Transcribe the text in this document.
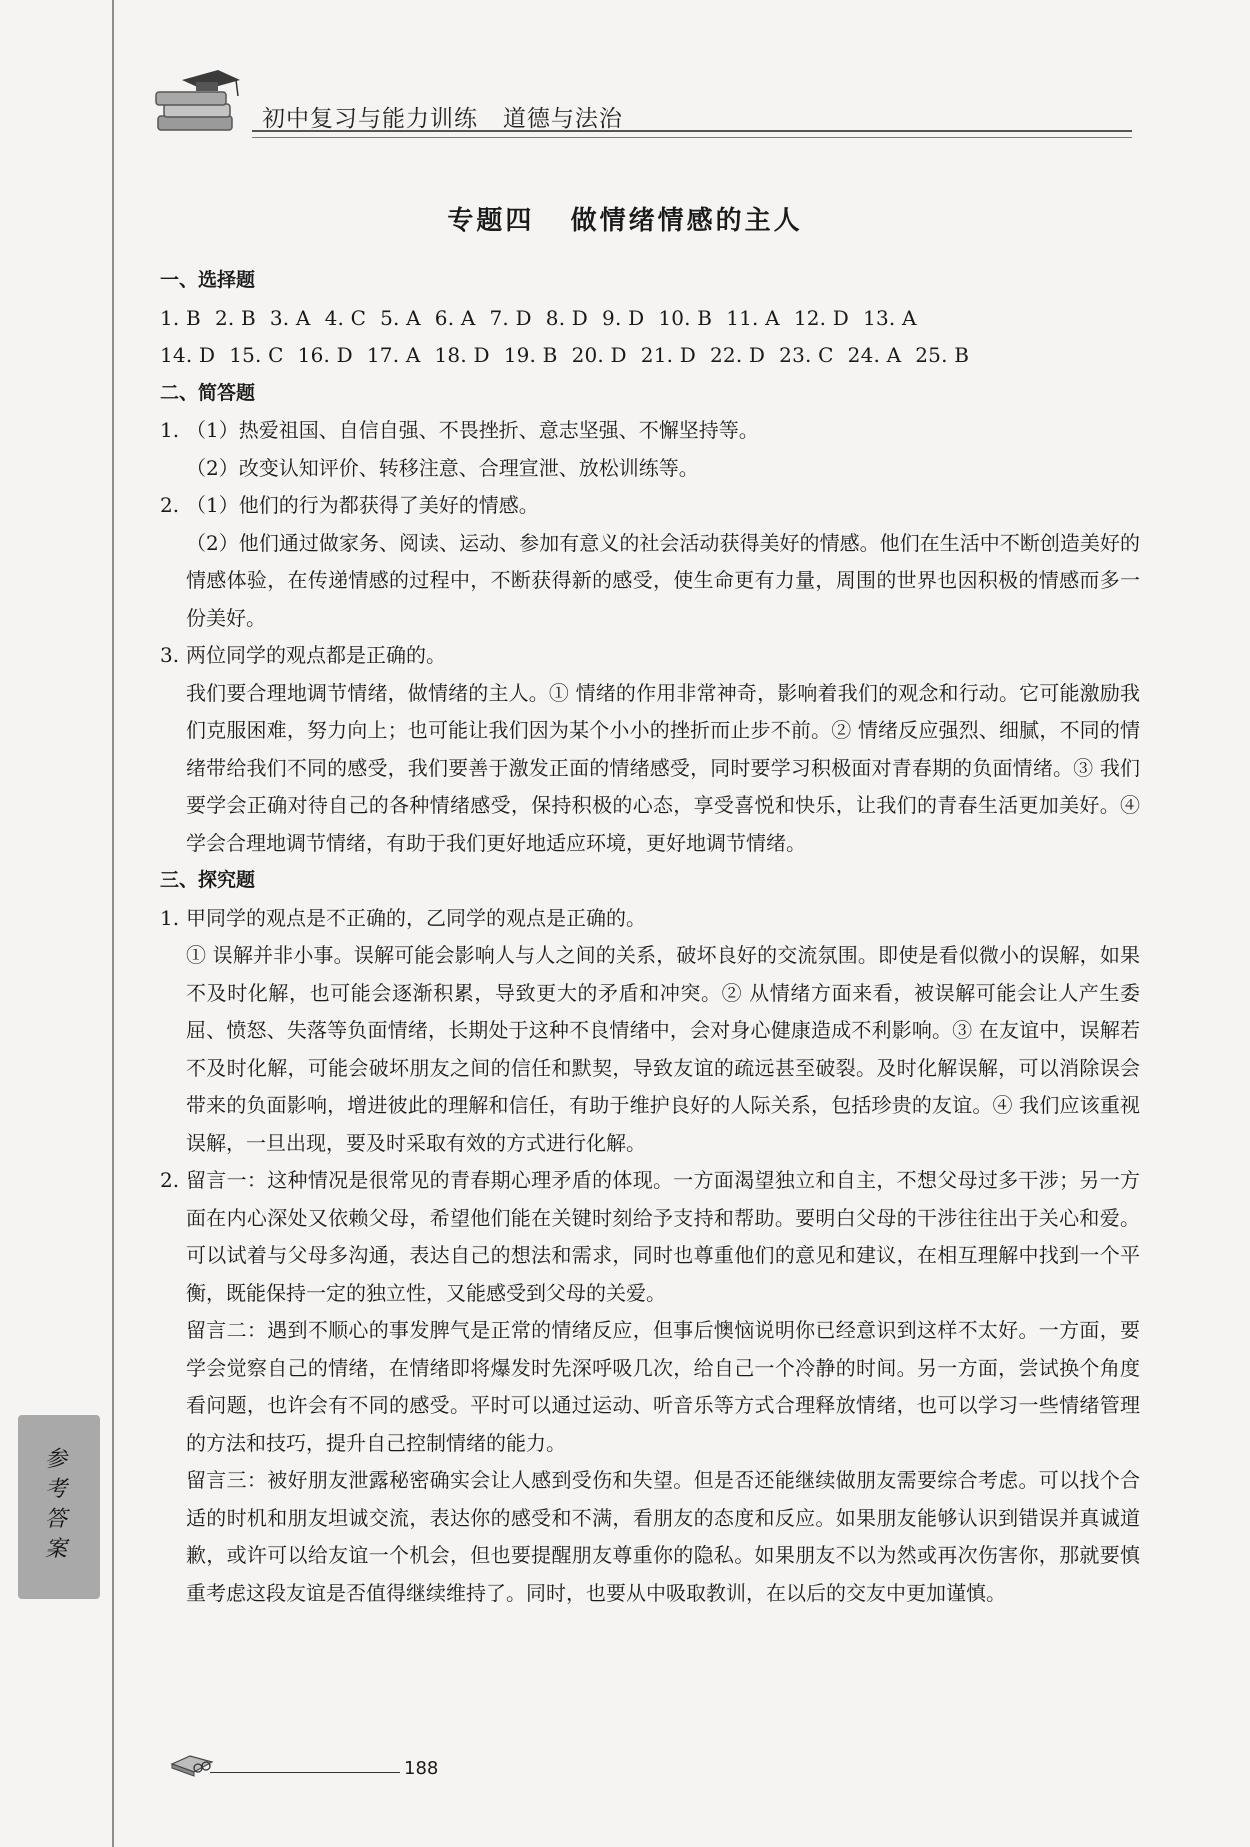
初中复习与能力训练   道德与法治
专题四   做情绪情感的主人
一、选择题
1. B 2. B 3. A 4. C 5. A 6. A 7. D 8. D 9. D 10. B 11. A 12. D 13. A
14. D 15. C 16. D 17. A 18. D 19. B 20. D 21. D 22. D 23. C 24. A 25. B
二、简答题
1. （1）热爱祖国、自信自强、不畏挫折、意志坚强、不懈坚持等。
（2）改变认知评价、转移注意、合理宣泄、放松训练等。
2. （1）他们的行为都获得了美好的情感。
（2）他们通过做家务、阅读、运动、参加有意义的社会活动获得美好的情感。他们在生活中不断创造美好的情感体验，在传递情感的过程中，不断获得新的感受，使生命更有力量，周围的世界也因积极的情感而多一份美好。
3. 两位同学的观点都是正确的。
我们要合理地调节情绪，做情绪的主人。① 情绪的作用非常神奇，影响着我们的观念和行动。它可能激励我们克服困难，努力向上；也可能让我们因为某个小小的挫折而止步不前。② 情绪反应强烈、细腻，不同的情绪带给我们不同的感受，我们要善于激发正面的情绪感受，同时要学习积极面对青春期的负面情绪。③ 我们要学会正确对待自己的各种情绪感受，保持积极的心态，享受喜悦和快乐，让我们的青春生活更加美好。④ 学会合理地调节情绪，有助于我们更好地适应环境，更好地调节情绪。
三、探究题
1. 甲同学的观点是不正确的，乙同学的观点是正确的。
① 误解并非小事。误解可能会影响人与人之间的关系，破坏良好的交流氛围。即使是看似微小的误解，如果不及时化解，也可能会逐渐积累，导致更大的矛盾和冲突。② 从情绪方面来看，被误解可能会让人产生委屈、愤怒、失落等负面情绪，长期处于这种不良情绪中，会对身心健康造成不利影响。③ 在友谊中，误解若不及时化解，可能会破坏朋友之间的信任和默契，导致友谊的疏远甚至破裂。及时化解误解，可以消除误会带来的负面影响，增进彼此的理解和信任，有助于维护良好的人际关系，包括珍贵的友谊。④ 我们应该重视误解，一旦出现，要及时采取有效的方式进行化解。
2. 留言一：这种情况是很常见的青春期心理矛盾的体现。一方面渴望独立和自主，不想父母过多干涉；另一方面在内心深处又依赖父母，希望他们能在关键时刻给予支持和帮助。要明白父母的干涉往往出于关心和爱。可以试着与父母多沟通，表达自己的想法和需求，同时也尊重他们的意见和建议，在相互理解中找到一个平衡，既能保持一定的独立性，又能感受到父母的关爱。
留言二：遇到不顺心的事发脾气是正常的情绪反应，但事后懊恼说明你已经意识到这样不太好。一方面，要学会觉察自己的情绪，在情绪即将爆发时先深呼吸几次，给自己一个冷静的时间。另一方面，尝试换个角度看问题，也许会有不同的感受。平时可以通过运动、听音乐等方式合理释放情绪，也可以学习一些情绪管理的方法和技巧，提升自己控制情绪的能力。
留言三：被好朋友泄露秘密确实会让人感到受伤和失望。但是否还能继续做朋友需要综合考虑。可以找个合适的时机和朋友坦诚交流，表达你的感受和不满，看朋友的态度和反应。如果朋友能够认识到错误并真诚道歉，或许可以给友谊一个机会，但也要提醒朋友尊重你的隐私。如果朋友不以为然或再次伤害你，那就要慎重考虑这段友谊是否值得继续维持了。同时，也要从中吸取教训，在以后的交友中更加谨慎。
参考答案
188
